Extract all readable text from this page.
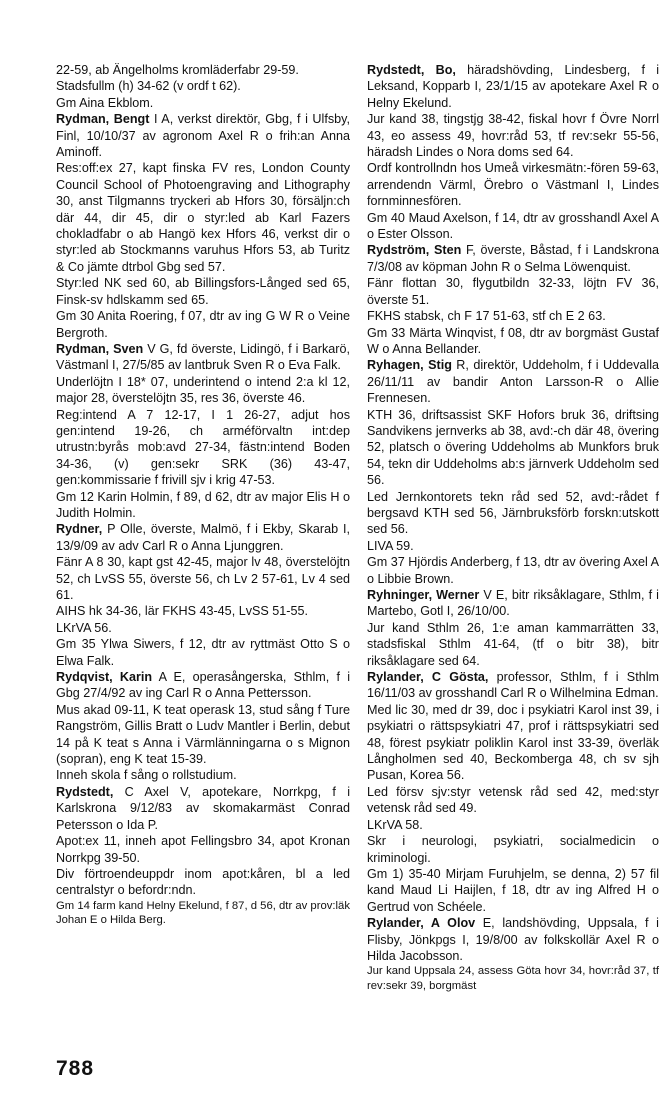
22-59, ab Ängelholms kromläderfabr 29-59.

Stadsfullm (h) 34-62 (v ordf t 62).

Gm Aina Ekblom.

Rydman, Bengt I A, verkst direktör, Gbg, f i Ulfsby, Finl, 10/10/37 av agronom Axel R o frih:an Anna Aminoff.

Res:off:ex 27, kapt finska FV res, London County Council School of Photoengraving and Lithography 30, anst Tilgmanns tryckeri ab Hfors 30, försäljn:ch där 44, dir 45, dir o styr:led ab Karl Fazers chokladfabr o ab Hangö kex Hfors 46, verkst dir o styr:led ab Stockmanns varuhus Hfors 53, ab Turitz & Co jämte dtrbol Gbg sed 57.

Styr:led NK sed 60, ab Billingsfors-Långed sed 65, Finsk-sv hdlskamm sed 65.

Gm 30 Anita Roering, f 07, dtr av ing G W R o Veine Bergroth.

Rydman, Sven V G, fd överste, Lidingö, f i Barkarö, Västmanl I, 27/5/85 av lantbruk Sven R o Eva Falk.

Underlöjtn I 18* 07, underintend o intend 2:a kl 12, major 28, överstelöjtn 35, res 36, överste 46.

Reg:intend A 7 12-17, I 1 26-27, adjut hos gen:intend 19-26, ch arméförvaltn int:dep utrustn:byrås mob:avd 27-34, fästn:intend Boden 34-36, (v) gen:sekr SRK (36) 43-47, gen:kommissarie f frivill sjv i krig 47-53.

Gm 12 Karin Holmin, f 89, d 62, dtr av major Elis H o Judith Holmin.

Rydner, P Olle, överste, Malmö, f i Ekby, Skarab I, 13/9/09 av adv Carl R o Anna Ljunggren.

Fänr A 8 30, kapt gst 42-45, major lv 48, överstelöjtn 52, ch LvSS 55, överste 56, ch Lv 2 57-61, Lv 4 sed 61.

AIHS hk 34-36, lär FKHS 43-45, LvSS 51-55.

LKrVA 56.

Gm 35 Ylwa Siwers, f 12, dtr av ryttmäst Otto S o Elwa Falk.

Rydqvist, Karin A E, operasångerska, Sthlm, f i Gbg 27/4/92 av ing Carl R o Anna Pettersson.

Mus akad 09-11, K teat operask 13, stud sång f Ture Rangström, Gillis Bratt o Ludv Mantler i Berlin, debut 14 på K teat s Anna i Värmlänningarna o s Mignon (sopran), eng K teat 15-39.

Inneh skola f sång o rollstudium.

Rydstedt, C Axel V, apotekare, Norrkpg, f i Karlskrona 9/12/83 av skomakarmäst Conrad Petersson o Ida P.

Apot:ex 11, inneh apot Fellingsbro 34, apot Kronan Norrkpg 39-50.

Div förtroendeuppdr inom apot:kåren, bl a led centralstyr o befordr:ndn.

Gm 14 farm kand Helny Ekelund, f 87, d 56, dtr av prov:läk Johan E o Hilda Berg.

Rydstedt, Bo, häradshövding, Lindesberg, f i Leksand, Kopparb I, 23/1/15 av apotekare Axel R o Helny Ekelund.

Jur kand 38, tingstjg 38-42, fiskal hovr f Övre Norrl 43, eo assess 49, hovr:råd 53, tf rev:sekr 55-56, häradsh Lindes o Nora doms sed 64.

Ordf kontrollndn hos Umeå virkesmätn:-fören 59-63, arrendendn Värml, Örebro o Västmanl I, Lindes fornminnesfören.

Gm 40 Maud Axelson, f 14, dtr av grosshandl Axel A o Ester Olsson.

Rydström, Sten F, överste, Båstad, f i Landskrona 7/3/08 av köpman John R o Selma Löwenquist.

Fänr flottan 30, flygutbildn 32-33, löjtn FV 36, överste 51.

FKHS stabsk, ch F 17 51-63, stf ch E 2 63.

Gm 33 Märta Winqvist, f 08, dtr av borgmäst Gustaf W o Anna Bellander.

Ryhagen, Stig R, direktör, Uddeholm, f i Uddevalla 26/11/11 av bandir Anton Larsson-R o Allie Frennesen.

KTH 36, driftsassist SKF Hofors bruk 36, driftsing Sandvikens jernverks ab 38, avd:-ch där 48, övering 52, platsch o övering Uddeholms ab Munkfors bruk 54, tekn dir Uddeholms ab:s järnverk Uddeholm sed 56.

Led Jernkontorets tekn råd sed 52, avd:-rådet f bergsavd KTH sed 56, Järnbruksförb forskn:utskott sed 56.

LIVA 59.

Gm 37 Hjördis Anderberg, f 13, dtr av övering Axel A o Libbie Brown.

Ryhninger, Werner V E, bitr riksåklagare, Sthlm, f i Martebo, Gotl I, 26/10/00.

Jur kand Sthlm 26, 1:e aman kammarrätten 33, stadsfiskal Sthlm 41-64, (tf o bitr 38), bitr riksåklagare sed 64.

Rylander, C Gösta, professor, Sthlm, f i Sthlm 16/11/03 av grosshandl Carl R o Wilhelmina Edman.

Med lic 30, med dr 39, doc i psykiatri Karol inst 39, i psykiatri o rättspsykiatri 47, prof i rättspsykiatri sed 48, förest psykiatr poliklin Karol inst 33-39, överläk Långholmen sed 40, Beckomberga 48, ch sv sjh Pusan, Korea 56.

Led försv sjv:styr vetensk råd sed 42, med:styr vetensk råd sed 49.

LKrVA 58.

Skr i neurologi, psykiatri, socialmedicin o kriminologi.

Gm 1) 35-40 Mirjam Furuhjelm, se denna, 2) 57 fil kand Maud Li Haijlen, f 18, dtr av ing Alfred H o Gertrud von Schéele.

Rylander, A Olov E, landshövding, Uppsala, f i Flisby, Jönkpgs I, 19/8/00 av folkskollär Axel R o Hilda Jacobsson.

Jur kand Uppsala 24, assess Göta hovr 34, hovr:råd 37, tf rev:sekr 39, borgmäst

788
